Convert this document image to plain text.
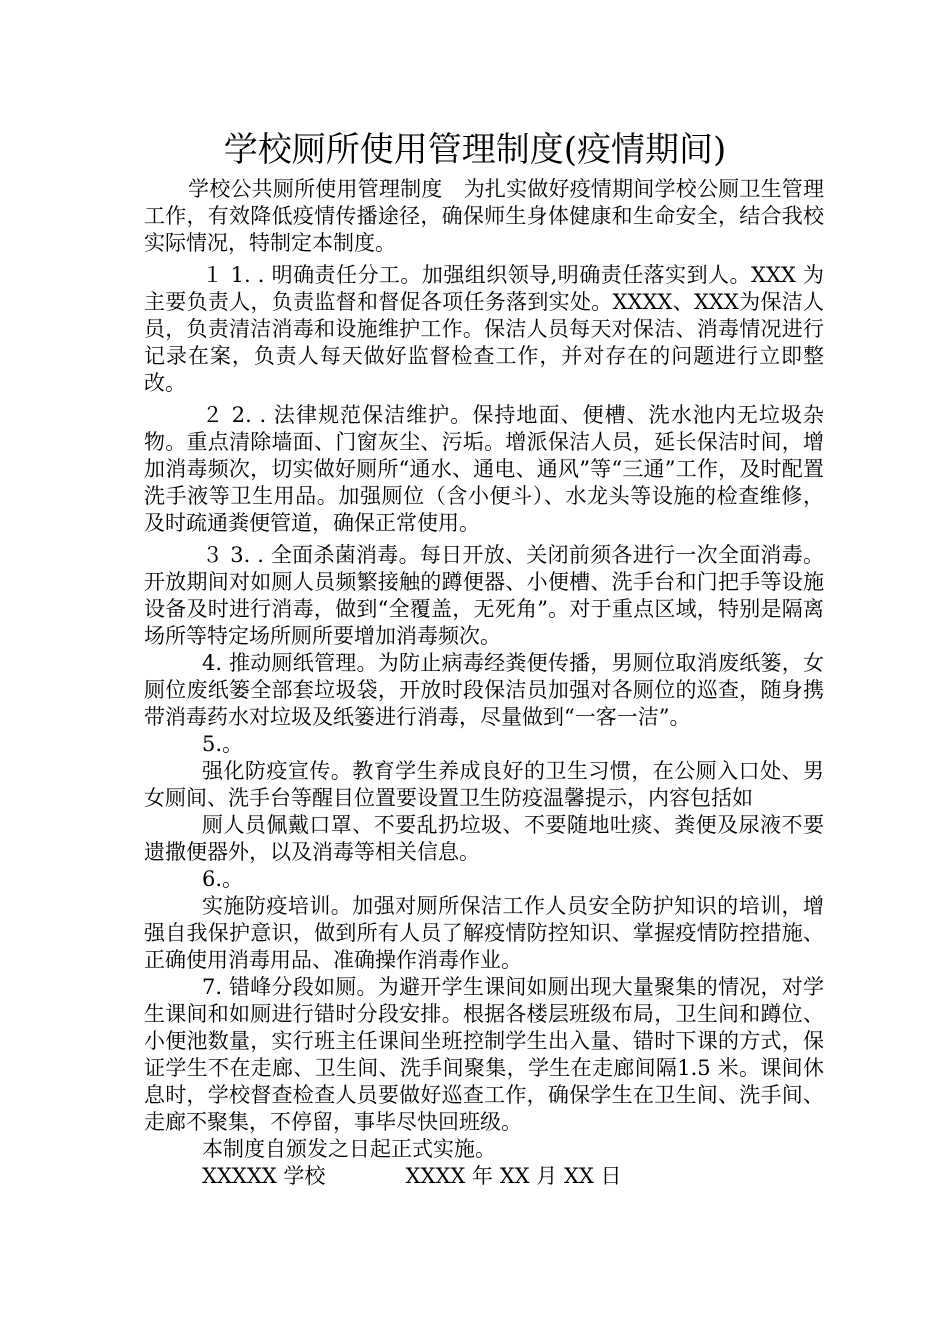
学校厕所使用管理制度(疫情期间)

学校公共厕所使用管理制度　为扎实做好疫情期间学校公厕卫生管理工作，有效降低疫情传播途径，确保师生身体健康和生命安全，结合我校实际情况，特制定本制度。

１ 1. . 明确责任分工。加强组织领导,明确责任落实到人。XXX 为主要负责人，负责监督和督促各项任务落到实处。XXXX、XXX为保洁人员，负责清洁消毒和设施维护工作。保洁人员每天对保洁、消毒情况进行记录在案，负责人每天做好监督检查工作，并对存在的问题进行立即整改。

２ 2. . 法律规范保洁维护。保持地面、便槽、洗水池内无垃圾杂物。重点清除墙面、门窗灰尘、污垢。增派保洁人员，延长保洁时间，增加消毒频次，切实做好厕所“通水、通电、通风”等“三通”工作，及时配置洗手液等卫生用品。加强厕位（含小便斗）、水龙头等设施的检查维修，及时疏通粪便管道，确保正常使用。

３ 3. . 全面杀菌消毒。每日开放、关闭前须各进行一次全面消毒。开放期间对如厕人员频繁接触的蹲便器、小便槽、洗手台和门把手等设施设备及时进行消毒，做到“全覆盖，无死角”。对于重点区域，特别是隔离场所等特定场所厕所要增加消毒频次。

4. 推动厕纸管理。为防止病毒经粪便传播，男厕位取消废纸篓，女厕位废纸篓全部套垃圾袋，开放时段保洁员加强对各厕位的巡查，随身携带消毒药水对垃圾及纸篓进行消毒，尽量做到“一客一洁”。

5.。

强化防疫宣传。教育学生养成良好的卫生习惯，在公厕入口处、男女厕间、洗手台等醒目位置要设置卫生防疫温馨提示，内容包括如

厕人员佩戴口罩、不要乱扔垃圾、不要随地吐痰、粪便及尿液不要遗撒便器外，以及消毒等相关信息。

6.。

实施防疫培训。加强对厕所保洁工作人员安全防护知识的培训，增强自我保护意识，做到所有人员了解疫情防控知识、掌握疫情防控措施、正确使用消毒用品、准确操作消毒作业。

7. 错峰分段如厕。为避开学生课间如厕出现大量聚集的情况，对学生课间和如厕进行错时分段安排。根据各楼层班级布局，卫生间和蹲位、小便池数量，实行班主任课间坐班控制学生出入量、错时下课的方式，保证学生不在走廊、卫生间、洗手间聚集，学生在走廊间隔1.5 米。课间休息时，学校督查检查人员要做好巡查工作，确保学生在卫生间、洗手间、走廊不聚集，不停留，事毕尽快回班级。

本制度自颁发之日起正式实施。

XXXXX 学校	XXXX 年 XX 月 XX 日
